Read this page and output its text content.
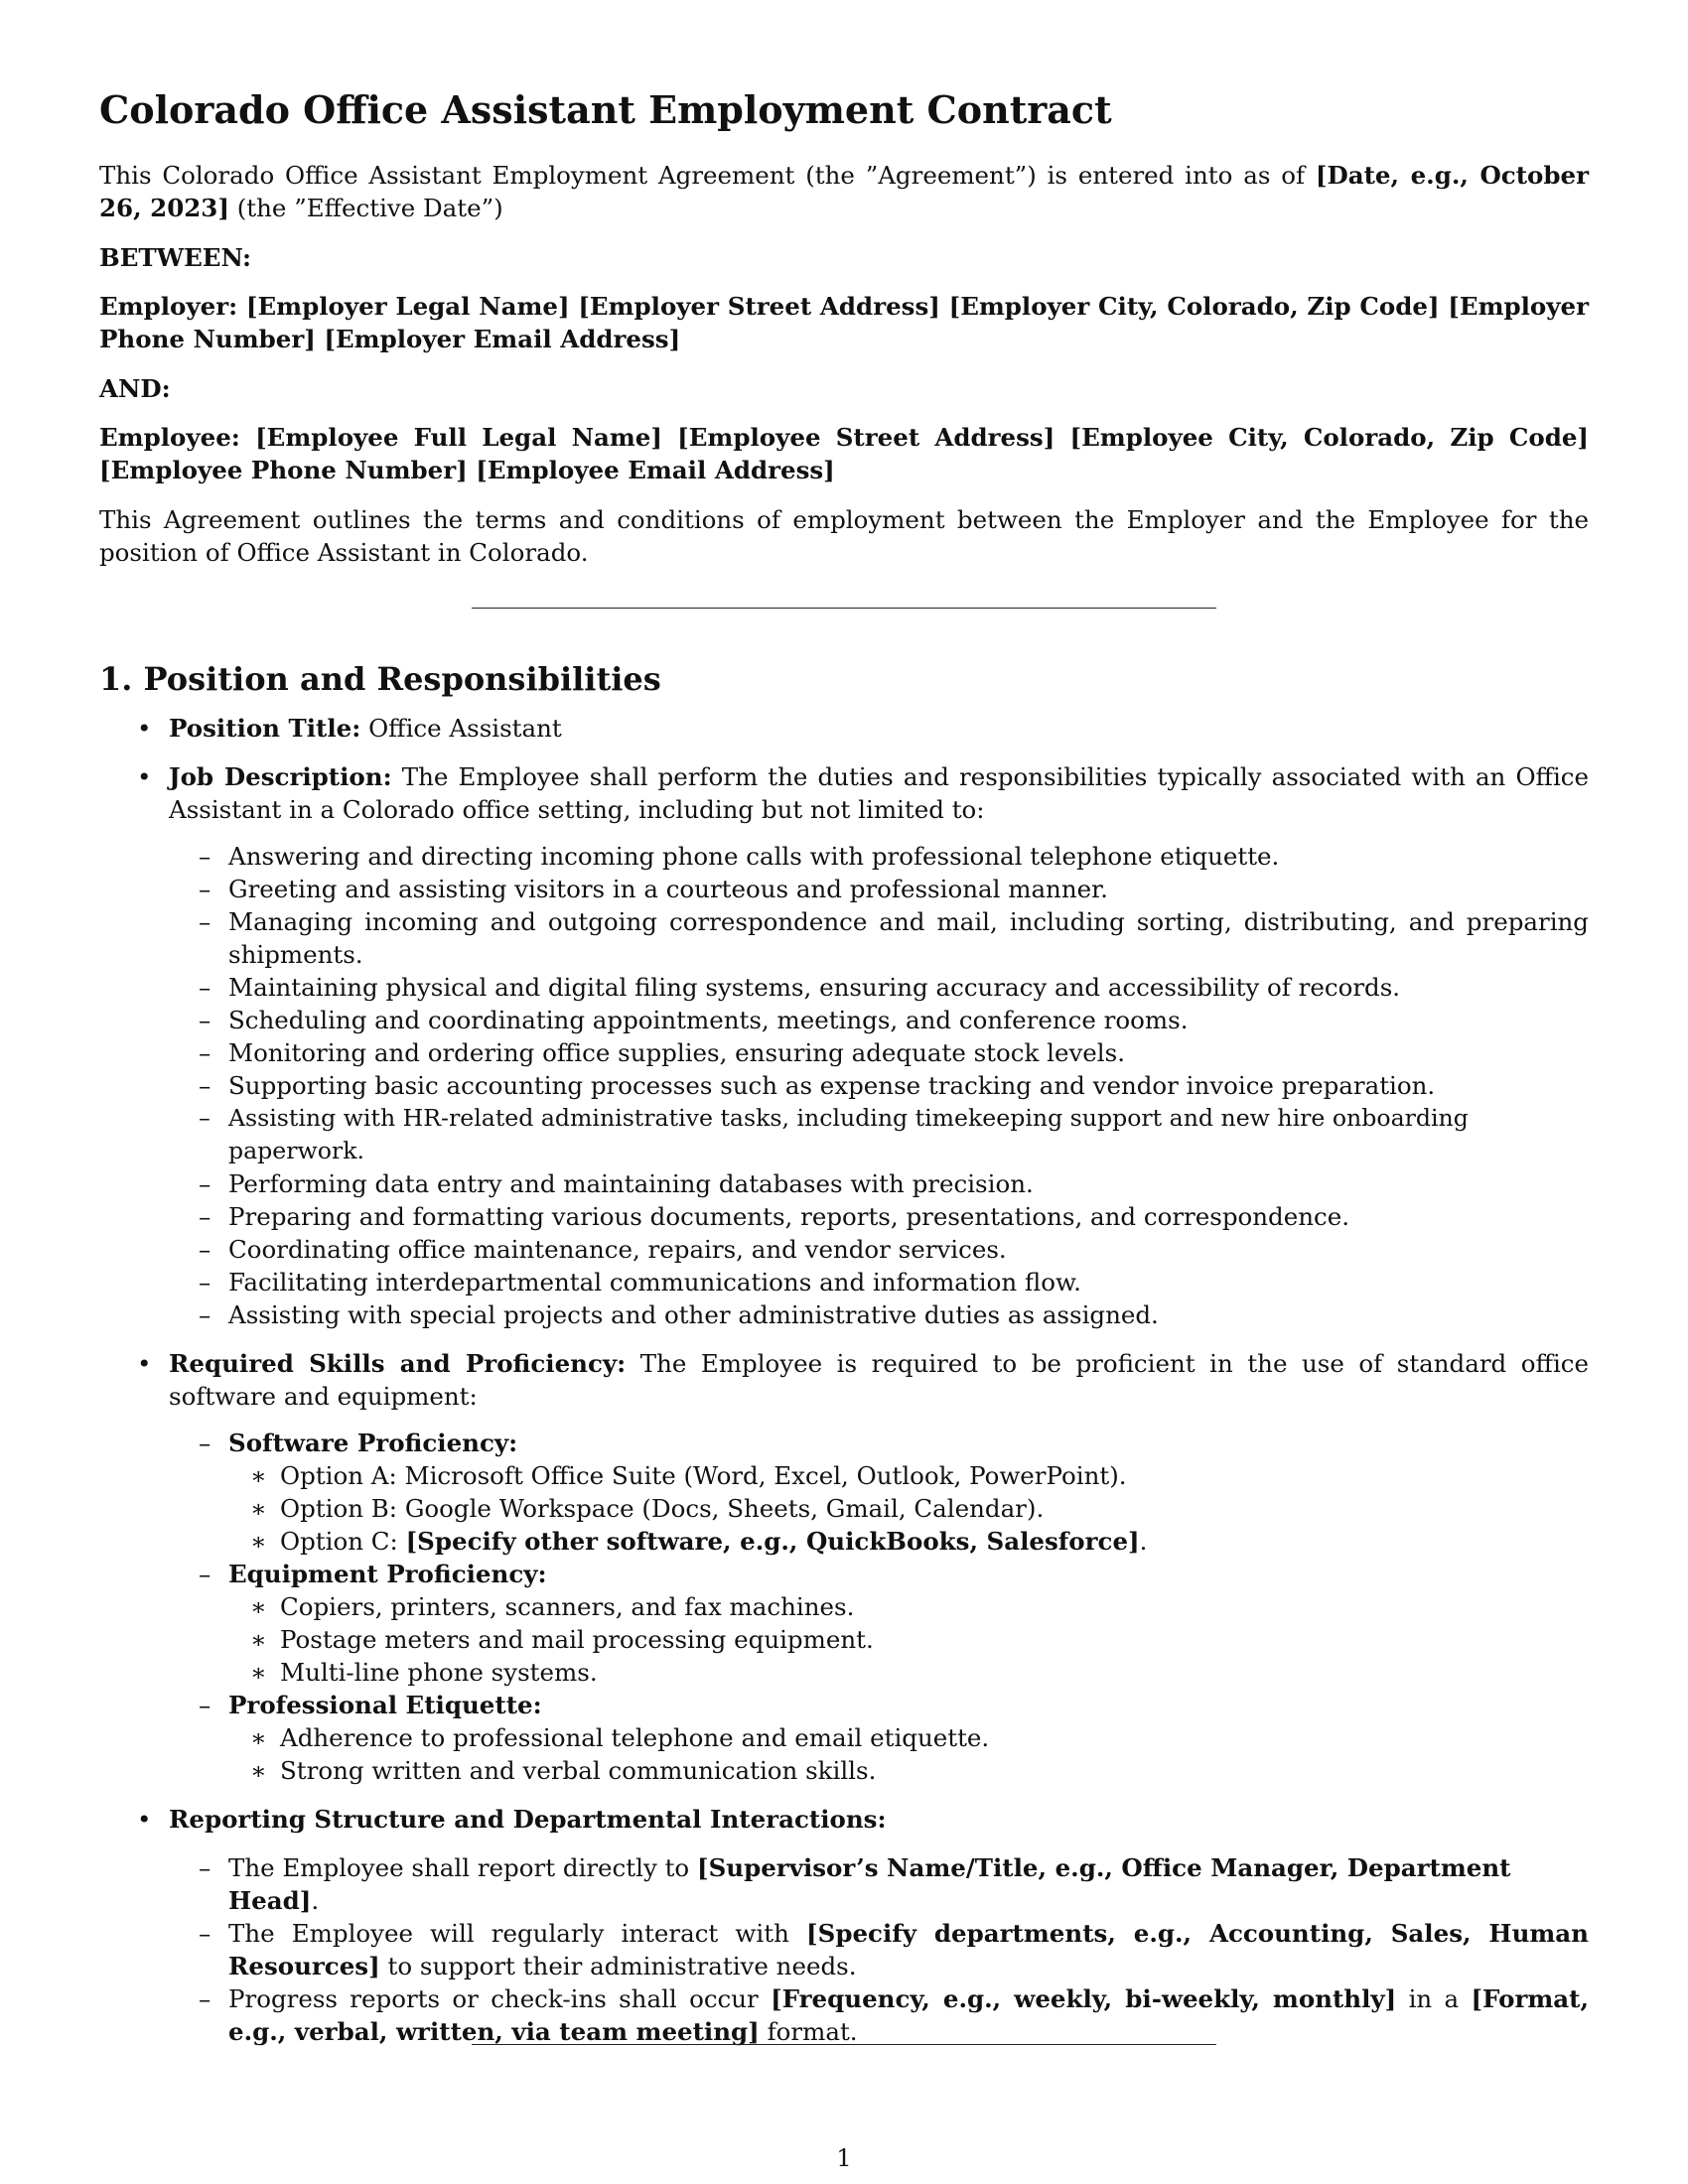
Colorado Office Assistant Employment Contract

This Colorado Office Assistant Employment Agreement (the ”Agreement”) is entered into as of [Date, e.g., October 26, 2023] (the ”Effective Date”)

BETWEEN:

Employer: [Employer Legal Name] [Employer Street Address] [Employer City, Colorado, Zip Code] [Employer Phone Number] [Employer Email Address]

AND:

Employee: [Employee Full Legal Name] [Employee Street Address] [Employee City, Colorado, Zip Code] [Employee Phone Number] [Employee Email Address]

This Agreement outlines the terms and conditions of employment between the Employer and the Employee for the position of Office Assistant in Colorado.

1. Position and Responsibilities
• Position Title: Office Assistant
• Job Description: The Employee shall perform the duties and responsibilities typically associated with an Office Assistant in a Colorado office setting, including but not limited to:
– Answering and directing incoming phone calls with professional telephone etiquette.
– Greeting and assisting visitors in a courteous and professional manner.
– Managing incoming and outgoing correspondence and mail, including sorting, distributing, and preparing shipments.
– Maintaining physical and digital filing systems, ensuring accuracy and accessibility of records.
– Scheduling and coordinating appointments, meetings, and conference rooms.
– Monitoring and ordering office supplies, ensuring adequate stock levels.
– Supporting basic accounting processes such as expense tracking and vendor invoice preparation.
– Assisting with HR-related administrative tasks, including timekeeping support and new hire onboarding paperwork.
– Performing data entry and maintaining databases with precision.
– Preparing and formatting various documents, reports, presentations, and correspondence.
– Coordinating office maintenance, repairs, and vendor services.
– Facilitating interdepartmental communications and information flow.
– Assisting with special projects and other administrative duties as assigned.
• Required Skills and Proficiency: The Employee is required to be proficient in the use of standard office software and equipment:
– Software Proficiency:
∗ Option A: Microsoft Office Suite (Word, Excel, Outlook, PowerPoint).
∗ Option B: Google Workspace (Docs, Sheets, Gmail, Calendar).
∗ Option C: [Specify other software, e.g., QuickBooks, Salesforce].
– Equipment Proficiency:
∗ Copiers, printers, scanners, and fax machines.
∗ Postage meters and mail processing equipment.
∗ Multi-line phone systems.
– Professional Etiquette:
∗ Adherence to professional telephone and email etiquette.
∗ Strong written and verbal communication skills.
• Reporting Structure and Departmental Interactions:
– The Employee shall report directly to [Supervisor’s Name/Title, e.g., Office Manager, Department Head].
– The Employee will regularly interact with [Specify departments, e.g., Accounting, Sales, Human Resources] to support their administrative needs.
– Progress reports or check-ins shall occur [Frequency, e.g., weekly, bi-weekly, monthly] in a [Format, e.g., verbal, written, via team meeting] format.
1
